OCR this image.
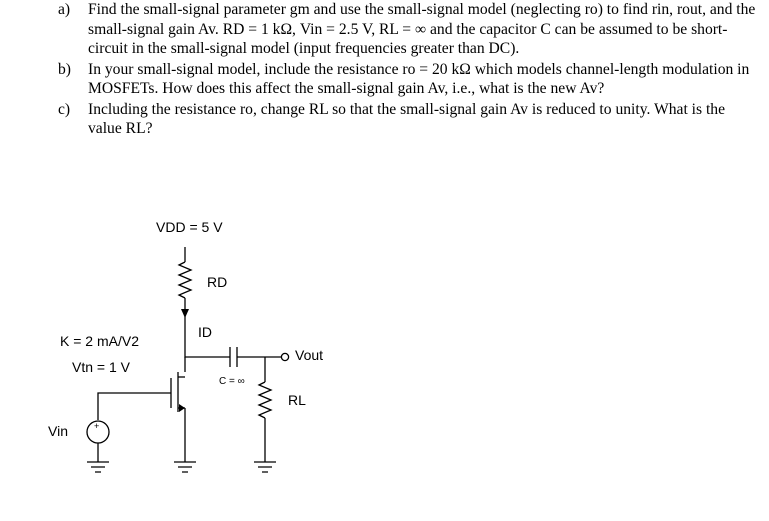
a) Find the small-signal parameter gm and use the small-signal model (neglecting ro) to find rin, rout, and the small-signal gain Av. RD = 1 kΩ, Vin = 2.5 V, RL = ∞ and the capacitor C can be assumed to be short-circuit in the small-signal model (input frequencies greater than DC).
b) In your small-signal model, include the resistance ro = 20 kΩ which models channel-length modulation in MOSFETs. How does this affect the small-signal gain Av, i.e., what is the new Av?
c) Including the resistance ro, change RL so that the small-signal gain Av is reduced to unity. What is the value RL?
VDD = 5 V
RD
ID
K = 2 mA/V2
Vtn = 1 V
C = ∞
Vout
RL
Vin	+
